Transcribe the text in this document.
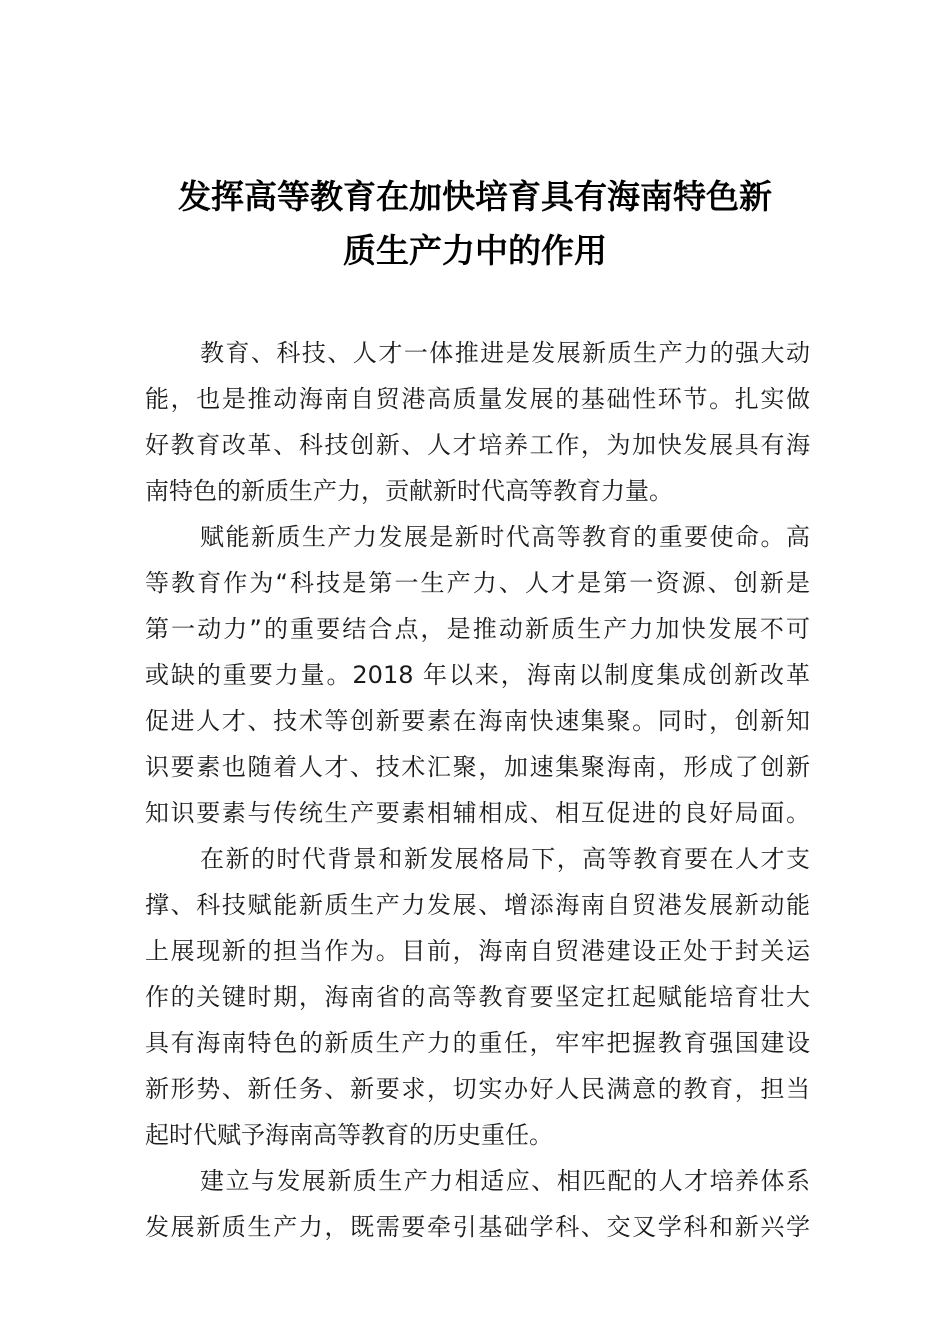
发挥高等教育在加快培育具有海南特色新
质生产力中的作用
教育、科技、人才一体推进是发展新质生产力的强大动
能，也是推动海南自贸港高质量发展的基础性环节。扎实做
好教育改革、科技创新、人才培养工作，为加快发展具有海
南特色的新质生产力，贡献新时代高等教育力量。
赋能新质生产力发展是新时代高等教育的重要使命。高
等教育作为“科技是第一生产力、人才是第一资源、创新是
第一动力”的重要结合点，是推动新质生产力加快发展不可
或缺的重要力量。2018 年以来，海南以制度集成创新改革
促进人才、技术等创新要素在海南快速集聚。同时，创新知
识要素也随着人才、技术汇聚，加速集聚海南，形成了创新
知识要素与传统生产要素相辅相成、相互促进的良好局面。
在新的时代背景和新发展格局下，高等教育要在人才支
撑、科技赋能新质生产力发展、增添海南自贸港发展新动能
上展现新的担当作为。目前，海南自贸港建设正处于封关运
作的关键时期，海南省的高等教育要坚定扛起赋能培育壮大
具有海南特色的新质生产力的重任，牢牢把握教育强国建设
新形势、新任务、新要求，切实办好人民满意的教育，担当
起时代赋予海南高等教育的历史重任。
建立与发展新质生产力相适应、相匹配的人才培养体系
发展新质生产力，既需要牵引基础学科、交叉学科和新兴学
